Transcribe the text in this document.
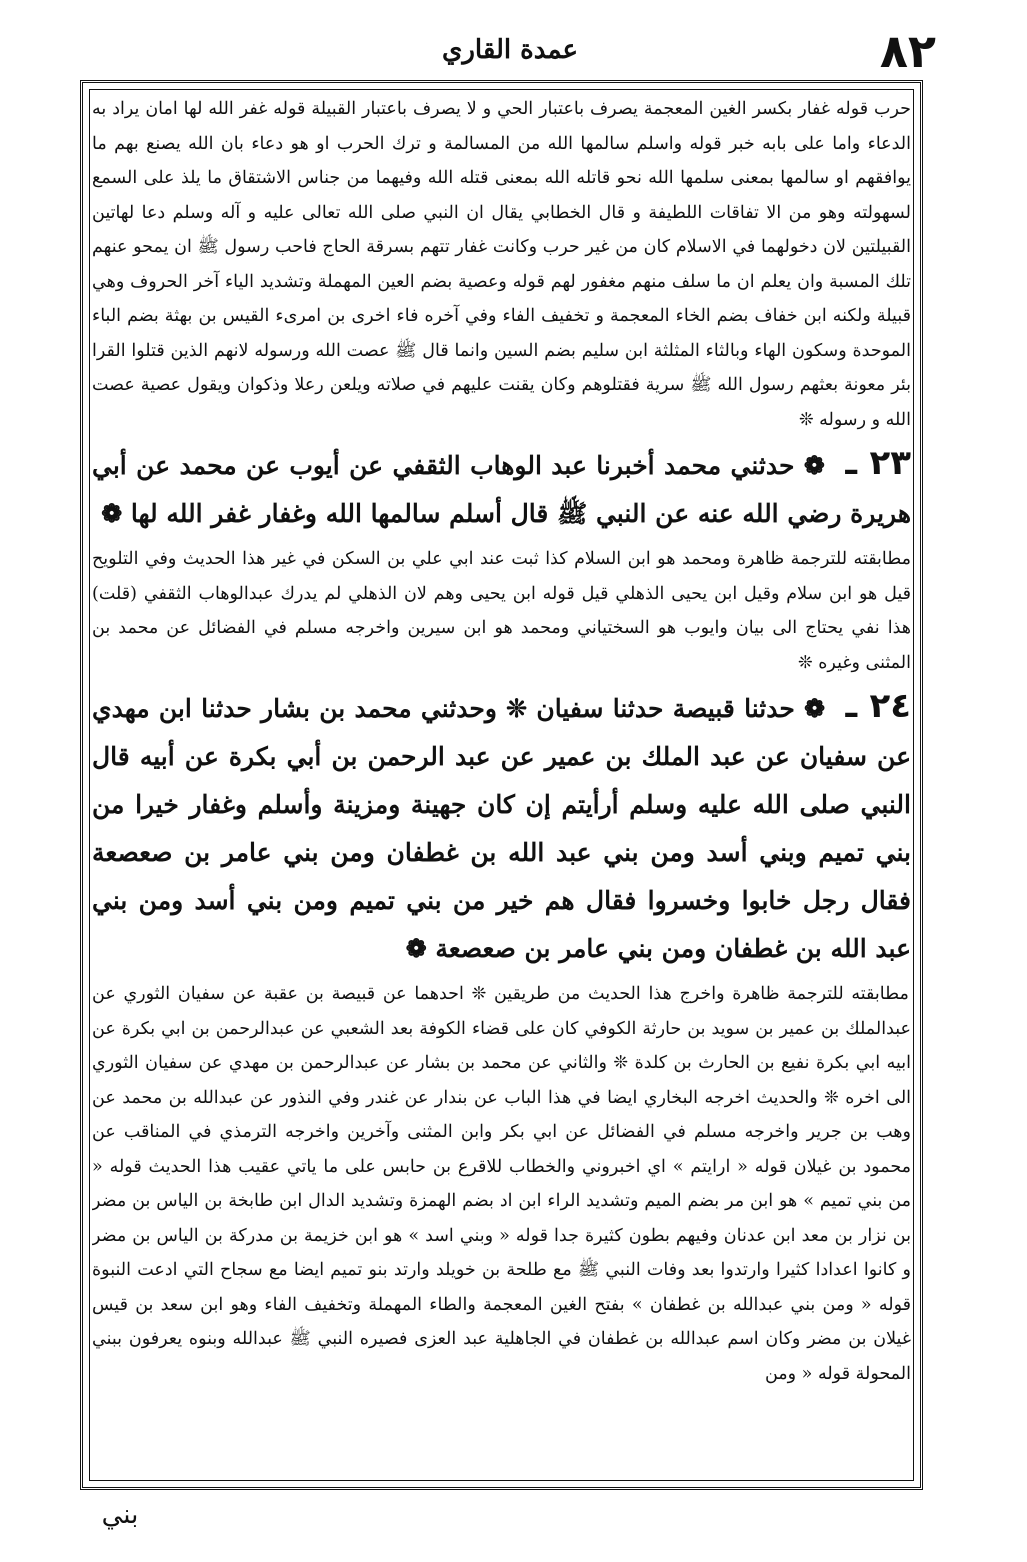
٨٢
عمدة القاري

حرب قوله غفار بكسر الغين المعجمة يصرف باعتبار الحي و لا يصرف باعتبار القبيلة قوله غفر الله لها امان يراد به الدعاء واما على بابه خبر قوله واسلم سالمها الله من المسالمة و ترك الحرب او هو دعاء بان الله يصنع بهم ما يوافقهم او سالمها بمعنى سلمها الله نحو قاتله الله بمعنى قتله الله وفيهما من جناس الاشتقاق ما يلذ على السمع لسهولته وهو من الا تفاقات اللطيفة و قال الخطابي يقال ان النبي صلى الله تعالى عليه و آله وسلم دعا لهاتين القبيلتين لان دخولهما في الاسلام كان من غير حرب وكانت غفار تتهم بسرقة الحاج فاحب رسول ﷺ ان يمحو عنهم تلك المسبة وان يعلم ان ما سلف منهم مغفور لهم قوله وعصية بضم العين المهملة وتشديد الياء آخر الحروف وهي قبيلة ولكنه ابن خفاف بضم الخاء المعجمة و تخفيف الفاء وفي آخره فاء اخرى بن امرىء القيس بن بهثة بضم الباء الموحدة وسكون الهاء وبالثاء المثلثة ابن سليم بضم السين وانما قال ﷺ عصت الله ورسوله لانهم الذين قتلوا القرا بئر معونة بعثهم رسول الله ﷺ سرية فقتلوهم وكان يقنت عليهم في صلاته ويلعن رعلا وذكوان ويقول عصية عصت الله و رسوله ❊

٢٣ ـ ❁ حدثني محمد أخبرنا عبد الوهاب الثقفي عن أيوب عن محمد عن أبي هريرة رضي الله عنه عن النبي ﷺ قال أسلم سالمها الله وغفار غفر الله لها ❁

مطابقته للترجمة ظاهرة ومحمد هو ابن السلام كذا ثبت عند ابي علي بن السكن في غير هذا الحديث وفي التلويح قيل هو ابن سلام وقيل ابن يحيى الذهلي قيل قوله ابن يحيى وهم لان الذهلي لم يدرك عبدالوهاب الثقفي (قلت) هذا نفي يحتاج الى بيان وايوب هو السختياني ومحمد هو ابن سيرين واخرجه مسلم في الفضائل عن محمد بن المثنى وغيره ❊

٢٤ ـ ❁ حدثنا قبيصة حدثنا سفيان ❊ وحدثني محمد بن بشار حدثنا ابن مهدي عن سفيان عن عبد الملك بن عمير عن عبد الرحمن بن أبي بكرة عن أبيه قال النبي صلى الله عليه وسلم أرأيتم إن كان جهينة ومزينة وأسلم وغفار خيرا من بني تميم وبني أسد ومن بني عبد الله بن غطفان ومن بني عامر بن صعصعة فقال رجل خابوا وخسروا فقال هم خير من بني تميم ومن بني أسد ومن بني عبد الله بن غطفان ومن بني عامر بن صعصعة ❁

مطابقته للترجمة ظاهرة واخرج هذا الحديث من طريقين ❊ احدهما عن قبيصة بن عقبة عن سفيان الثوري عن عبدالملك بن عمير بن سويد بن حارثة الكوفي كان على قضاء الكوفة بعد الشعبي عن عبدالرحمن بن ابي بكرة عن ابيه ابي بكرة نفيع بن الحارث بن كلدة ❊ والثاني عن محمد بن بشار عن عبدالرحمن بن مهدي عن سفيان الثوري الى اخره ❊ والحديث اخرجه البخاري ايضا في هذا الباب عن بندار عن غندر وفي النذور عن عبدالله بن محمد عن وهب بن جرير واخرجه مسلم في الفضائل عن ابي بكر وابن المثنى وآخرين واخرجه الترمذي في المناقب عن محمود بن غيلان قوله « ارايتم » اي اخبروني والخطاب للاقرع بن حابس على ما ياتي عقيب هذا الحديث قوله « من بني تميم » هو ابن مر بضم الميم وتشديد الراء ابن اد بضم الهمزة وتشديد الدال ابن طابخة بن الياس بن مضر بن نزار بن معد ابن عدنان وفيهم بطون كثيرة جدا قوله « وبني اسد » هو ابن خزيمة بن مدركة بن الياس بن مضر و كانوا اعدادا كثيرا وارتدوا بعد وفات النبي ﷺ مع طلحة بن خويلد وارتد بنو تميم ايضا مع سجاح التي ادعت النبوة قوله « ومن بني عبدالله بن غطفان » بفتح الغين المعجمة والطاء المهملة وتخفيف الفاء وهو ابن سعد بن قيس غيلان بن مضر وكان اسم عبدالله بن غطفان في الجاهلية عبد العزى فصيره النبي ﷺ عبدالله وبنوه يعرفون ببني المحولة قوله « ومن

بني
